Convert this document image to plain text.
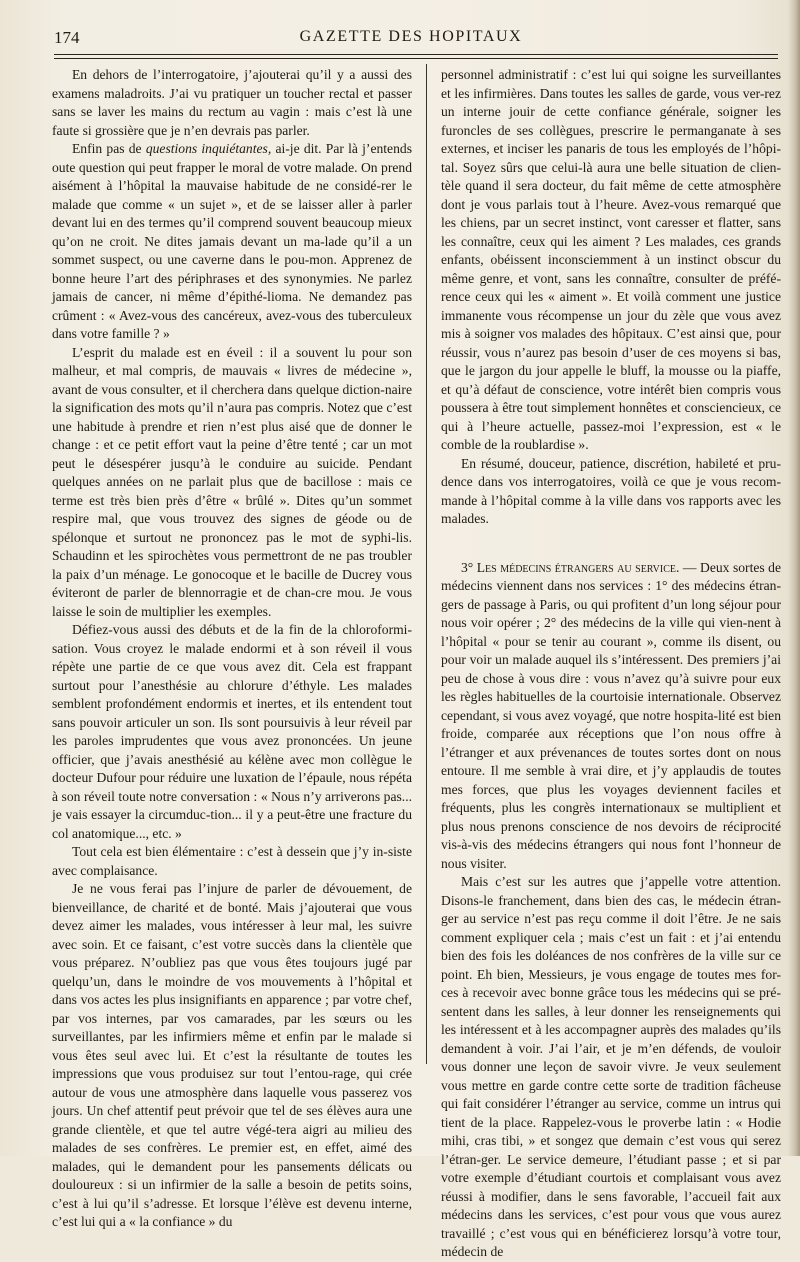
174	GAZETTE DES HOPITAUX

En dehors de l’interrogatoire, j’ajouterai qu’il y a aussi des examens maladroits. J’ai vu pratiquer un toucher rectal et passer sans se laver les mains du rectum au vagin : mais c’est là une faute si grossière que je n’en devrais pas parler.

Enfin pas de questions inquiétantes, ai-je dit. Par là j’entends oute question qui peut frapper le moral de votre malade. On prend aisément à l’hôpital la mauvaise habitude de ne considé-rer le malade que comme « un sujet », et de se laisser aller à parler devant lui en des termes qu’il comprend souvent beaucoup mieux qu’on ne croit. Ne dites jamais devant un ma-lade qu’il a un sommet suspect, ou une caverne dans le pou-mon. Apprenez de bonne heure l’art des périphrases et des synonymies. Ne parlez jamais de cancer, ni même d’épithé-lioma. Ne demandez pas crûment : « Avez-vous des cancéreux, avez-vous des tuberculeux dans votre famille ? »

L’esprit du malade est en éveil : il a souvent lu pour son malheur, et mal compris, de mauvais « livres de médecine », avant de vous consulter, et il cherchera dans quelque diction-naire la signification des mots qu’il n’aura pas compris. Notez que c’est une habitude à prendre et rien n’est plus aisé que de donner le change : et ce petit effort vaut la peine d’être tenté ; car un mot peut le désespérer jusqu’à le conduire au suicide. Pendant quelques années on ne parlait plus que de bacillose : mais ce terme est très bien près d’être « brûlé ». Dites qu’un sommet respire mal, que vous trouvez des signes de géode ou de spélonque et surtout ne prononcez pas le mot de syphi-lis. Schaudinn et les spirochètes vous permettront de ne pas troubler la paix d’un ménage. Le gonocoque et le bacille de Ducrey vous éviteront de parler de blennorragie et de chan-cre mou. Je vous laisse le soin de multiplier les exemples.

Défiez-vous aussi des débuts et de la fin de la chloroformi-sation. Vous croyez le malade endormi et à son réveil il vous répète une partie de ce que vous avez dit. Cela est frappant surtout pour l’anesthésie au chlorure d’éthyle. Les malades semblent profondément endormis et inertes, et ils entendent tout sans pouvoir articuler un son. Ils sont poursuivis à leur réveil par les paroles imprudentes que vous avez prononcées. Un jeune officier, que j’avais anesthésié au kélène avec mon collègue le docteur Dufour pour réduire une luxation de l’épaule, nous répéta à son réveil toute notre conversation : « Nous n’y arriverons pas... je vais essayer la circumduc-tion... il y a peut-être une fracture du col anatomique..., etc. »

Tout cela est bien élémentaire : c’est à dessein que j’y in-siste avec complaisance.

Je ne vous ferai pas l’injure de parler de dévouement, de bienveillance, de charité et de bonté. Mais j’ajouterai que vous devez aimer les malades, vous intéresser à leur mal, les suivre avec soin. Et ce faisant, c’est votre succès dans la clientèle que vous préparez. N’oubliez pas que vous êtes toujours jugé par quelqu’un, dans le moindre de vos mouvements à l’hôpital et dans vos actes les plus insignifiants en apparence ; par votre chef, par vos internes, par vos camarades, par les sœurs ou les surveillantes, par les infirmiers même et enfin par le malade si vous êtes seul avec lui. Et c’est la résultante de toutes les impressions que vous produisez sur tout l’entou-rage, qui crée autour de vous une atmosphère dans laquelle vous passerez vos jours. Un chef attentif peut prévoir que tel de ses élèves aura une grande clientèle, et que tel autre végé-tera aigri au milieu des malades de ses confrères. Le premier est, en effet, aimé des malades, qui le demandent pour les pansements délicats ou douloureux : si un infirmier de la salle a besoin de petits soins, c’est à lui qu’il s’adresse. Et lorsque l’élève est devenu interne, c’est lui qui a « la confiance » du

personnel administratif : c’est lui qui soigne les surveillantes et les infirmières. Dans toutes les salles de garde, vous ver-rez un interne jouir de cette confiance générale, soigner les furoncles de ses collègues, prescrire le permanganate à ses externes, et inciser les panaris de tous les employés de l’hôpi-tal. Soyez sûrs que celui-là aura une belle situation de clien-tèle quand il sera docteur, du fait même de cette atmosphère dont je vous parlais tout à l’heure. Avez-vous remarqué que les chiens, par un secret instinct, vont caresser et flatter, sans les connaître, ceux qui les aiment ? Les malades, ces grands enfants, obéissent inconsciemment à un instinct obscur du même genre, et vont, sans les connaître, consulter de préfé-rence ceux qui les « aiment ». Et voilà comment une justice immanente vous récompense un jour du zèle que vous avez mis à soigner vos malades des hôpitaux. C’est ainsi que, pour réussir, vous n’aurez pas besoin d’user de ces moyens si bas, que le jargon du jour appelle le bluff, la mousse ou la piaffe, et qu’à défaut de conscience, votre intérêt bien compris vous poussera à être tout simplement honnêtes et consciencieux, ce qui à l’heure actuelle, passez-moi l’expression, est « le comble de la roublardise ».

En résumé, douceur, patience, discrétion, habileté et pru-dence dans vos interrogatoires, voilà ce que je vous recom-mande à l’hôpital comme à la ville dans vos rapports avec les malades.

3° Les médecins étrangers au service. — Deux sortes de médecins viennent dans nos services : 1° des médecins étran-gers de passage à Paris, ou qui profitent d’un long séjour pour nous voir opérer ; 2° des médecins de la ville qui vien-nent à l’hôpital « pour se tenir au courant », comme ils disent, ou pour voir un malade auquel ils s’intéressent. Des premiers j’ai peu de chose à vous dire : vous n’avez qu’à suivre pour eux les règles habituelles de la courtoisie internationale. Observez cependant, si vous avez voyagé, que notre hospita-lité est bien froide, comparée aux réceptions que l’on nous offre à l’étranger et aux prévenances de toutes sortes dont on nous entoure. Il me semble à vrai dire, et j’y applaudis de toutes mes forces, que plus les voyages deviennent faciles et fréquents, plus les congrès internationaux se multiplient et plus nous prenons conscience de nos devoirs de réciprocité vis-à-vis des médecins étrangers qui nous font l’honneur de nous visiter.

Mais c’est sur les autres que j’appelle votre attention. Disons-le franchement, dans bien des cas, le médecin étran-ger au service n’est pas reçu comme il doit l’être. Je ne sais comment expliquer cela ; mais c’est un fait : et j’ai entendu bien des fois les doléances de nos confrères de la ville sur ce point. Eh bien, Messieurs, je vous engage de toutes mes for-ces à recevoir avec bonne grâce tous les médecins qui se pré-sentent dans les salles, à leur donner les renseignements qui les intéressent et à les accompagner auprès des malades qu’ils demandent à voir. J’ai l’air, et je m’en défends, de vouloir vous donner une leçon de savoir vivre. Je veux seulement vous mettre en garde contre cette sorte de tradition fâcheuse qui fait considérer l’étranger au service, comme un intrus qui tient de la place. Rappelez-vous le proverbe latin : « Hodie mihi, cras tibi, » et songez que demain c’est vous qui serez l’étran-ger. Le service demeure, l’étudiant passe ; et si par votre exemple d’étudiant courtois et complaisant vous avez réussi à modifier, dans le sens favorable, l’accueil fait aux médecins dans les services, c’est pour vous que vous aurez travaillé ; c’est vous qui en bénéficierez lorsqu’à votre tour, médecin de
